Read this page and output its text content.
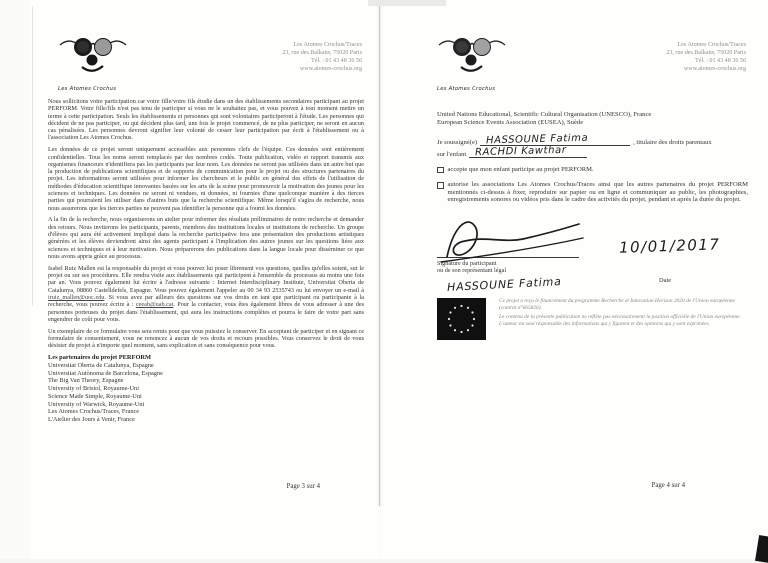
Les Atomes Crochus
Les Atomes Crochus/Traces
23, rue des Balkans, 75020 Paris
Tél. : 01 43 48 36 56
www.atomes-crochus.org

Nous sollicitons votre participation car votre fille/votre fils étudie dans un des établissements secondaires participant au projet PERFORM. Votre fille/fils n'est pas tenu de participer si vous ne le souhaitez pas, et vous pouvez à tout moment mettre un terme à cette participation. Seuls les établissements et personnes qui sont volontaires participeront à l'étude. Les personnes qui décident de ne pas participer, ou qui décident plus tard, une fois le projet commencé, de ne plus participer, ne seront en aucun cas pénalisées. Les personnes devront signifier leur volonté de cesser leur participation par écrit à l'établissement ou à l'association Les Atomes Crochus.

Les données de ce projet seront uniquement accessibles aux personnes clefs de l'équipe. Ces données sont entièrement confidentielles. Tous les noms seront remplacés par des nombres codés. Toute publication, vidéo et rapport transmis aux organismes financeurs n'identifiera pas les participants par leur nom. Les données ne seront pas utilisées dans un autre but que la production de publications scientifiques et de supports de communication pour le projet ou des structures partenaires du projet. Les informations seront utilisées pour informer les chercheurs et le public en général des effets de l'utilisation de méthodes d'éducation scientifique innovantes basées sur les arts de la scène pour promouvoir la motivation des jeunes pour les sciences et techniques. Les données ne seront ni vendues, ni données, ni fournies d'une quelconque manière à des tierces parties qui pourraient les utiliser dans d'autres buts que la recherche scientifique. Même lorsqu'il s'agira de recherche, nous nous assurerons que les tierces parties ne peuvent pas identifier la personne qui a fourni les données.

A la fin de la recherche, nous organiserons un atelier pour informer des résultats préliminaires de notre recherche et demander des retours. Nous inviterons les participants, parents, membres des institutions locales et institutions de recherche. Un groupe d'élèves qui aura été activement impliqué dans la recherche participative fera une présentation des productions artistiques générées et les élèves deviendront ainsi des agents participant à l'implication des autres jeunes sur les questions liées aux sciences et techniques et à leur motivation. Nous préparerons des publications dans la langue locale pour disséminer ce que nous avons appris grâce au processus.

Isabel Ruiz Mallen est la responsable du projet et vous pouvez lui poser librement vos questions, quelles qu'elles soient, sur le projet ou sur ses procédures. Elle rendra visite aux établissements qui participent à l'ensemble du processus au moins une fois par an. Vous pouvez également lui écrire à l'adresse suivante : Internet Interdisciplinary Institute, Universitat Oberta de Catalunya, 08860 Castelldefels, Espagne. Vous pouvez également l'appeler au 00 34 93 2535743 ou lui envoyer un e-mail à iruiz_mallen@uoc.edu. Si vous avez par ailleurs des questions sur vos droits en tant que participant ou participante à la recherche, vous pouvez écrire à : ceeah@uab.cat. Pour la contacter, vous êtes également libres de vous adresser à une des personnes porteuses du projet dans l'établissement, qui aura les instructions complètes et pourra le faire de votre part sans engendrer de coût pour vous.

Un exemplaire de ce formulaire vous sera remis pour que vous puissiez le conserver. En acceptant de participer et en signant ce formulaire de consentement, vous ne renoncez à aucun de vos droits et recours possibles. Vous conservez le droit de vous désister du projet à n'importe quel moment, sans explication et sans conséquence pour vous.

Les partenaires du projet PERFORM
Universitat Oberta de Catalunya, Espagne
Universitat Autònoma de Barcelona, Espagne
The Big Van Theory, Espagne
University of Bristol, Royaume-Uni
Science Made Simple, Royaume-Uni
University of Warwick, Royaume-Uni
Les Atomes Crochus/Traces, France
L'Atelier des Jours à Venir, France
Page 3 sur 4
Les Atomes Crochus
Les Atomes Crochus/Traces
23, rue des Balkans, 75020 Paris
Tél. : 01 43 48 36 56
www.atomes-crochus.org
United Nations Educational, Scientific Cultural Organisation (UNESCO), France
European Science Events Association (EUSEA), Suède
Je soussigné(e) HASSOUNE Fatima	, titulaire des droits parentaux
sur l'enfant RACHDI Kawthar
accepte que mon enfant participe au projet PERFORM.
autorise les associations Les Atomes Crochus/Traces ainsi que les autres partenaires du projet PERFORM mentionnés ci-dessus à fixer, reproduire sur papier ou en ligne et communiquer au public, les photographies, enregistrements sonores ou vidéos pris dans le cadre des activités du projet, pendant et après la durée du projet.
10/01/2017
Signature du participant
ou de son représentant légal
Date
HASSOUNE Fatima

Ce projet a reçu le financement du programme Recherche et Innovation Horizon 2020 de l'Union européenne (contrat n°665826).

Le contenu de la présente publication ne reflète pas nécessairement la position officielle de l'Union européenne. L'auteur est seul responsable des informations qui y figurent et des opinions qui y sont exprimées.

Page 4 sur 4
